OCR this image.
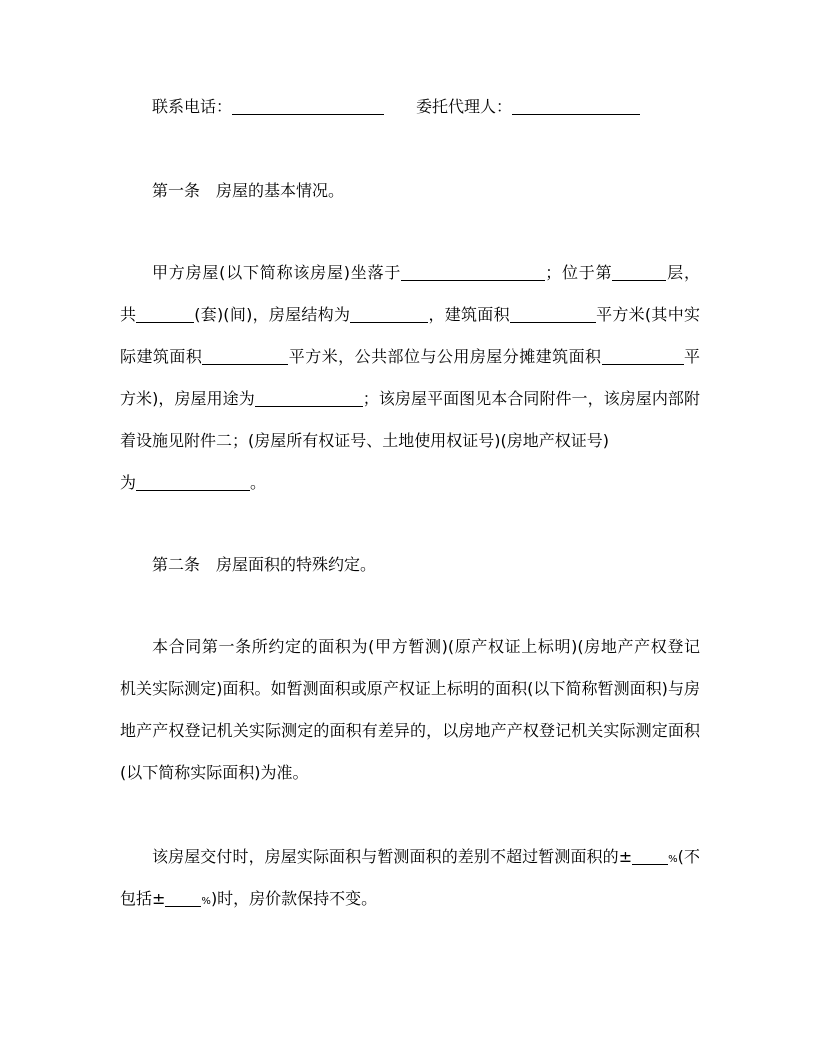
联系电话：	委托代理人：
第一条　房屋的基本情况。
甲方房屋(以下简称该房屋)坐落于	；位于第	层，
共	(套)(间)，房屋结构为	，建筑面积	平方米(其中实
际建筑面积	平方米，公共部位与公用房屋分摊建筑面积	平
方米)，房屋用途为	；该房屋平面图见本合同附件一，该房屋内部附
着设施见附件二；(房屋所有权证号、土地使用权证号)(房地产权证号)
为	。
第二条　房屋面积的特殊约定。
本合同第一条所约定的面积为(甲方暂测)(原产权证上标明)(房地产产权登记
机关实际测定)面积。如暂测面积或原产权证上标明的面积(以下简称暂测面积)与房
地产产权登记机关实际测定的面积有差异的，以房地产产权登记机关实际测定面积
(以下简称实际面积)为准。
该房屋交付时，房屋实际面积与暂测面积的差别不超过暂测面积的±	%(不
包括±	%)时，房价款保持不变。
